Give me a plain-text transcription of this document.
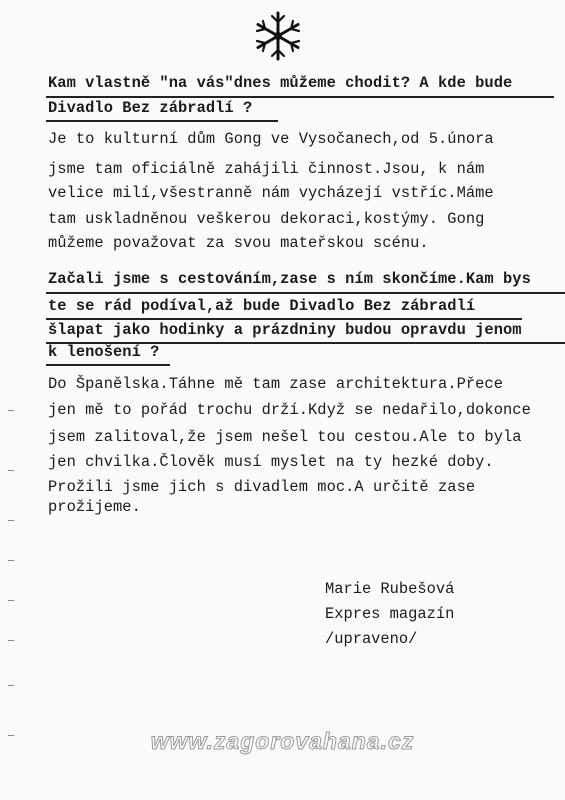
Kam vlastně "na vás"dnes můžeme chodit? A kde bude
Divadlo Bez zábradlí ?
Je to kulturní dům Gong ve Vysočanech,od 5.února
jsme tam oficiálně zahájili činnost.Jsou, k nám
velice milí,všestranně nám vycházejí vstříc.Máme
tam uskladněnou veškerou dekoraci,kostýmy. Gong
můžeme považovat za svou mateřskou scénu.
Začali jsme s cestováním,zase s ním skončíme.Kam bys
te se rád podíval,až bude Divadlo Bez zábradlí
šlapat jako hodinky a prázdniny budou opravdu jenom
k lenošení ?
Do Španělska.Táhne mě tam zase architektura.Přece
jen mě to pořád trochu drží.Když se nedařilo,dokonce
jsem zalitoval,že jsem nešel tou cestou.Ale to byla
jen chvilka.Člověk musí myslet na ty hezké doby.
Prožili jsme jich s divadlem moc.A určitě zase
prožijeme.
Marie Rubešová
Expres magazín
/upraveno/
www.zagorovahana.cz
